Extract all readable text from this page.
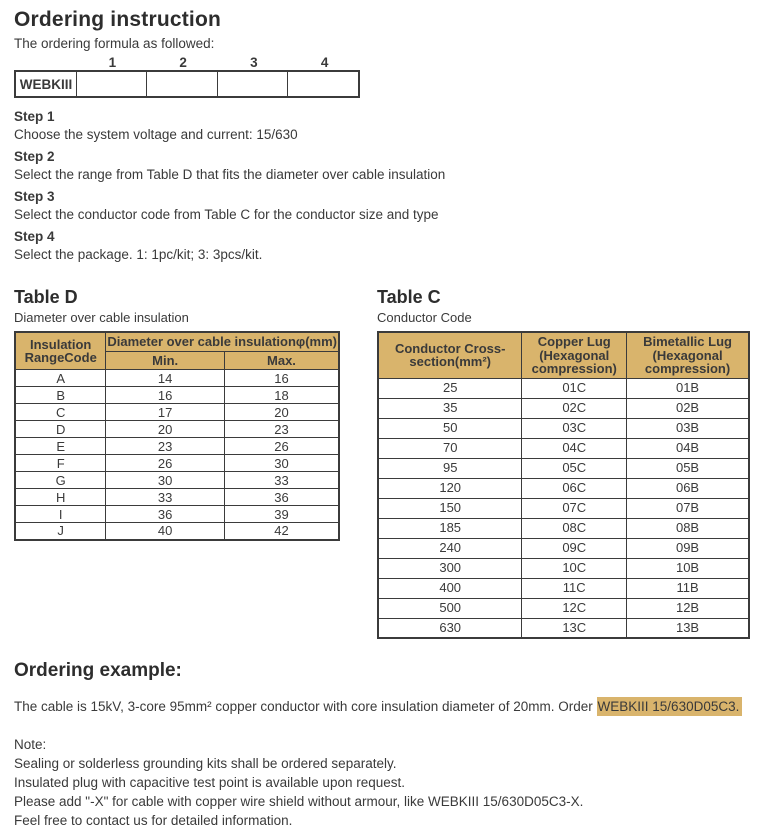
Ordering instruction

The ordering formula as followed:

1	2	3	4
WEBKIII
Step 1
Choose the system voltage and current: 15/630
Step 2
Select the range from Table D that fits the diameter over cable insulation
Step 3
Select the conductor code from Table C for the conductor size and type
Step 4
Select the package. 1: 1pc/kit; 3: 3pcs/kit.
Table D
Diameter over cable insulation
Insulation RangeCode	Diameter over cable insulationφ(mm)	
	Min.	Max.
A	14	16
B	16	18
C	17	20
D	20	23
E	23	26
F	26	30
G	30	33
H	33	36
I	36	39
J	40	42
Table C
Conductor Code
Conductor Cross-section(mm²)	Copper Lug (Hexagonal compression)	Bimetallic Lug (Hexagonal compression)
25	01C	01B
35	02C	02B
50	03C	03B
70	04C	04B
95	05C	05B
120	06C	06B
150	07C	07B
185	08C	08B
240	09C	09B
300	10C	10B
400	11C	11B
500	12C	12B
630	13C	13B
Ordering example:

The cable is 15kV, 3-core 95mm² copper conductor with core insulation diameter of 20mm. Order WEBKIII 15/630D05C3.

Note:
Sealing or solderless grounding kits shall be ordered separately.
Insulated plug with capacitive test point is available upon request.
Please add "-X" for cable with copper wire shield without armour, like WEBKIII 15/630D05C3-X.
Feel free to contact us for detailed information.
